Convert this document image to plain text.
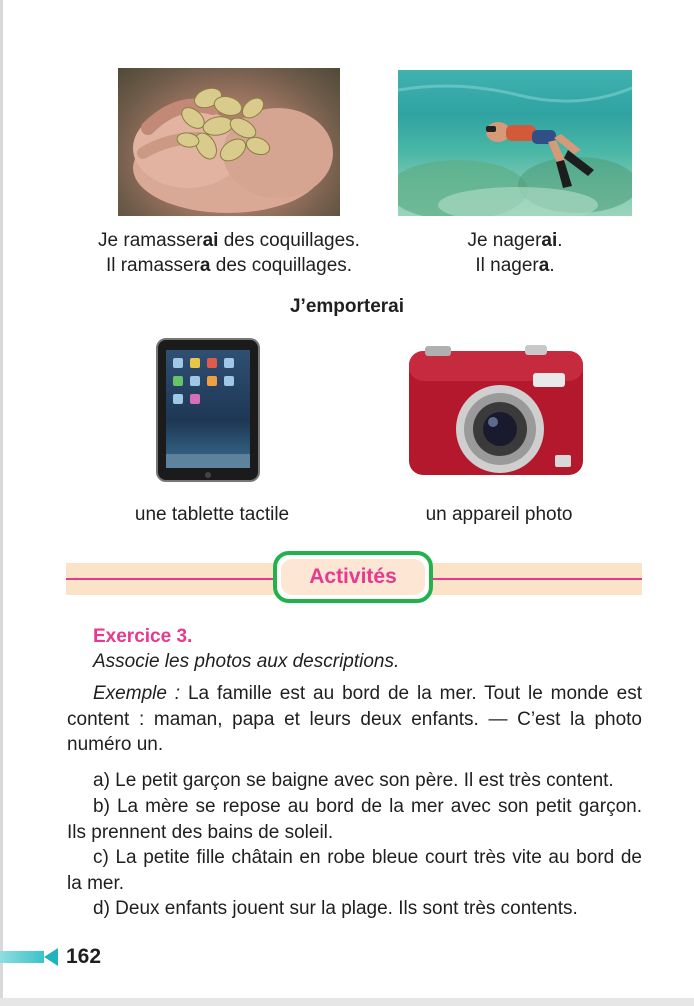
Je ramasserai des coquillages.
Il ramassera des coquillages.
Je nagerai.
Il nagera.
J’emporterai
une tablette tactile	un appareil photo
Activités
Exercice 3.
Associe les photos aux descriptions.
Exemple : La famille est au bord de la mer. Tout le monde est content : maman, papa et leurs deux enfants. — C’est la photo numéro un.
a) Le petit garçon se baigne avec son père. Il est très content.
b) La mère se repose au bord de la mer avec son petit garçon. Ils prennent des bains de soleil.
c) La petite fille châtain en robe bleue court très vite au bord de la mer.
d) Deux enfants jouent sur la plage. Ils sont très contents.
162
